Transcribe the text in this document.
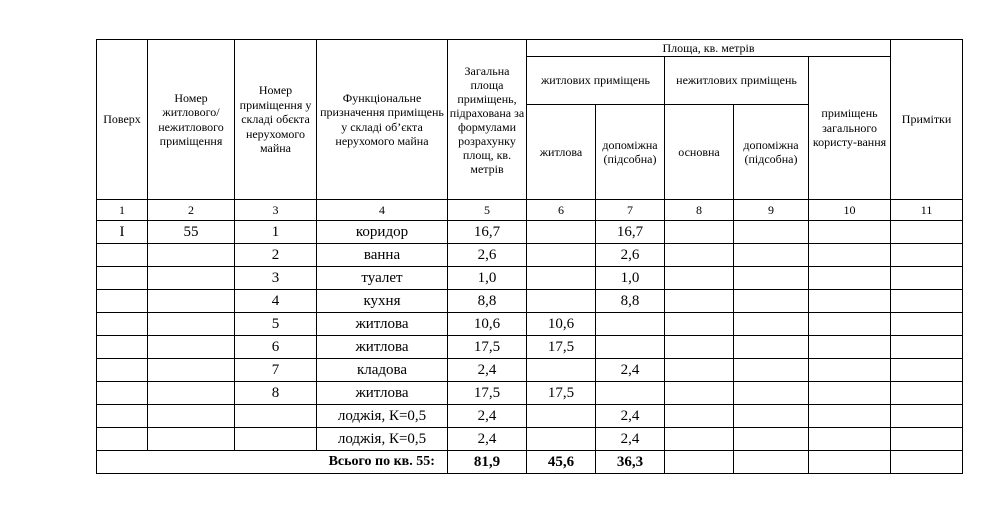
Поверх	Номер житлового/ нежитлового приміщення	Номер приміщення у складі обєкта нерухомого майна	Функціональне призначення приміщень у складі об’єкта нерухомого майна	Загальна площа приміщень, підрахована за формулами розрахунку площ, кв. метрів	Площа, кв. метрів					Примітки
					житлових приміщень		нежитлових приміщень		приміщень загального користу-вання	
					житлова	допоміжна (підсобна)	основна	допоміжна (підсобна)		
1	2	3	4	5	6	7	8	9	10	11
I	55	1	коридор	16,7		16,7				
		2	ванна	2,6		2,6				
		3	туалет	1,0		1,0				
		4	кухня	8,8		8,8				
		5	житлова	10,6	10,6					
		6	житлова	17,5	17,5					
		7	кладова	2,4		2,4				
		8	житлова	17,5	17,5					
			лоджія, К=0,5	2,4		2,4				
			лоджія, К=0,5	2,4		2,4				
			Всього по кв. 55:	81,9	45,6	36,3				
